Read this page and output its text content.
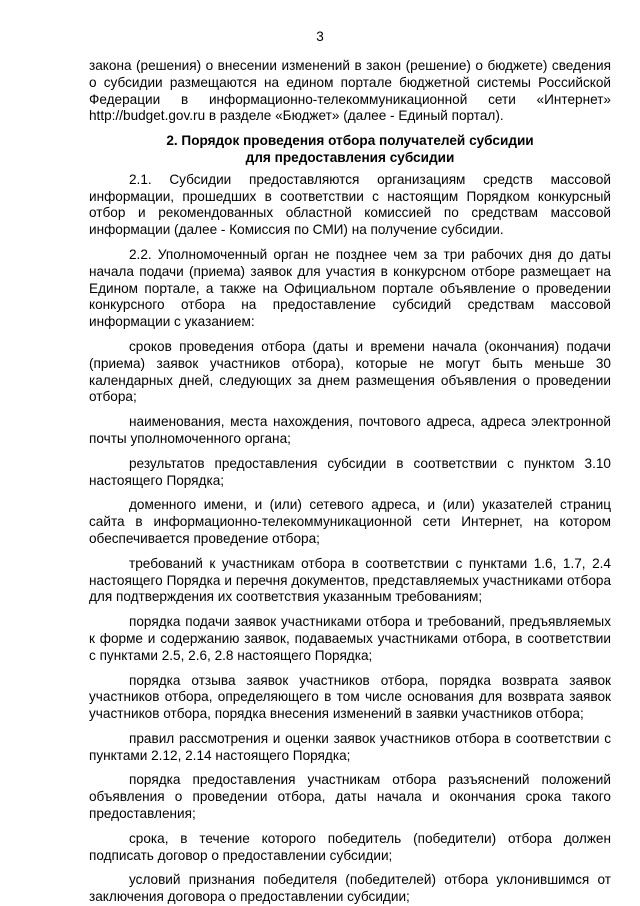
3

закона (решения) о внесении изменений в закон (решение) о бюджете) сведения о субсидии размещаются на едином портале бюджетной системы Российской Федерации в информационно-телекоммуникационной сети «Интернет» http://budget.gov.ru в разделе «Бюджет» (далее - Единый портал).

2. Порядок проведения отбора получателей субсидии
для предоставления субсидии

2.1. Субсидии предоставляются организациям средств массовой информации, прошедших в соответствии с настоящим Порядком конкурсный отбор и рекомендованных областной комиссией по средствам массовой информации (далее - Комиссия по СМИ) на получение субсидии.

2.2. Уполномоченный орган не позднее чем за три рабочих дня до даты начала подачи (приема) заявок для участия в конкурсном отборе размещает на Едином портале, а также на Официальном портале объявление о проведении конкурсного отбора на предоставление субсидий средствам массовой информации с указанием:

сроков проведения отбора (даты и времени начала (окончания) подачи (приема) заявок участников отбора), которые не могут быть меньше 30 календарных дней, следующих за днем размещения объявления о проведении отбора;

наименования, места нахождения, почтового адреса, адреса электронной почты уполномоченного органа;

результатов предоставления субсидии в соответствии с пунктом 3.10 настоящего Порядка;

доменного имени, и (или) сетевого адреса, и (или) указателей страниц сайта в информационно-телекоммуникационной сети Интернет, на котором обеспечивается проведение отбора;

требований к участникам отбора в соответствии с пунктами 1.6, 1.7, 2.4 настоящего Порядка и перечня документов, представляемых участниками отбора для подтверждения их соответствия указанным требованиям;

порядка подачи заявок участниками отбора и требований, предъявляемых к форме и содержанию заявок, подаваемых участниками отбора, в соответствии с пунктами 2.5, 2.6, 2.8 настоящего Порядка;

порядка отзыва заявок участников отбора, порядка возврата заявок участников отбора, определяющего в том числе основания для возврата заявок участников отбора, порядка внесения изменений в заявки участников отбора;

правил рассмотрения и оценки заявок участников отбора в соответствии с пунктами 2.12, 2.14 настоящего Порядка;

порядка предоставления участникам отбора разъяснений положений объявления о проведении отбора, даты начала и окончания срока такого предоставления;

срока, в течение которого победитель (победители) отбора должен подписать договор о предоставлении субсидии;

условий признания победителя (победителей) отбора уклонившимся от заключения договора о предоставлении субсидии;
